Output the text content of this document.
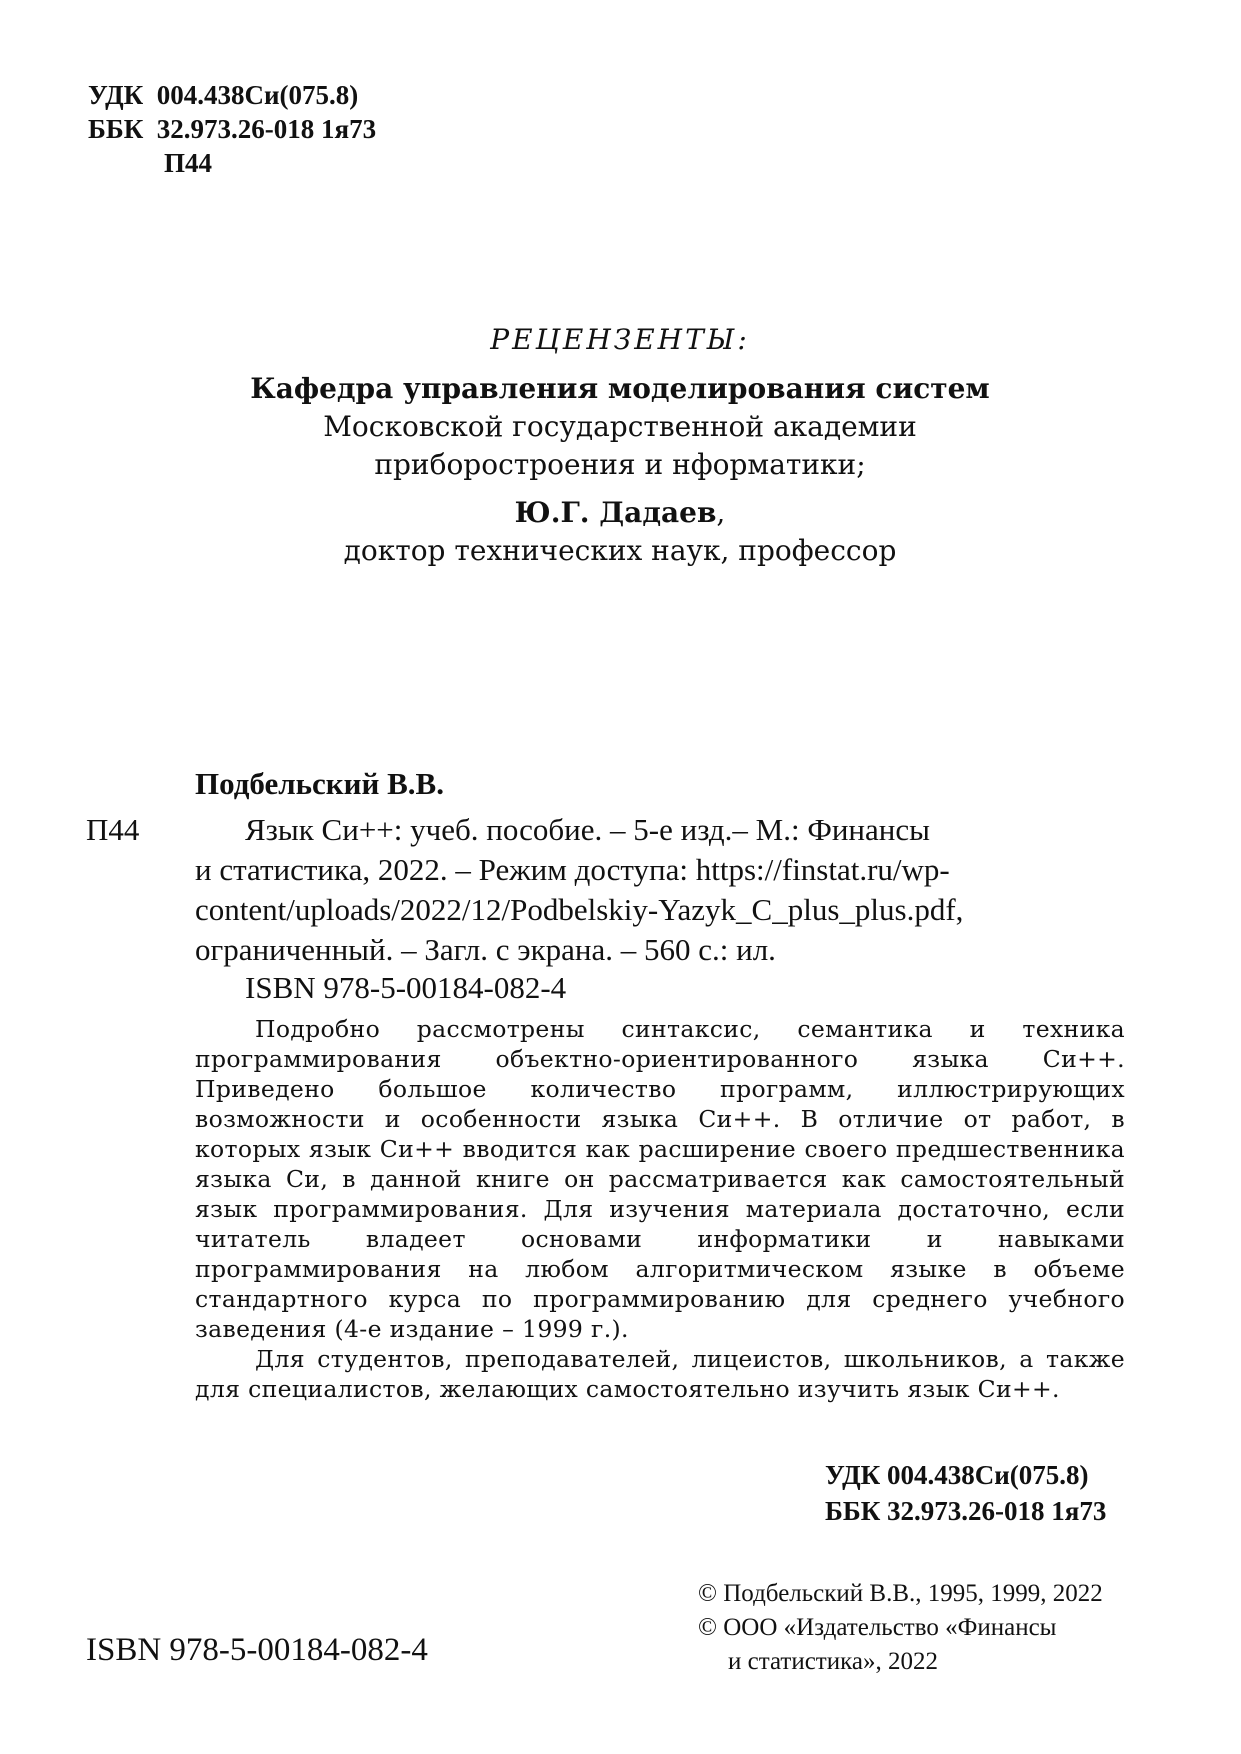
УДК 004.438Си(075.8)
ББК 32.973.26-018 1я73
П44
РЕЦЕНЗЕНТЫ:
Кафедра управления моделирования систем
Московской государственной академии
приборостроения и нформатики;
Ю.Г. Дадаев,
доктор технических наук, профессор
Подбельский В.В.
П44	Язык Си++: учеб. пособие. – 5-е изд.– М.: Финансы
и статистика, 2022. – Режим доступа: https://finstat.ru/wp-
content/uploads/2022/12/Podbelskiy-Yazyk_C_plus_plus.pdf,
ограниченный. – Загл. с экрана. – 560 с.: ил.
ISBN 978-5-00184-082-4

Подробно рассмотрены синтаксис, семантика и техника программирования объектно-ориентированного языка Си++. Приведено большое количество программ, иллюстрирующих возможности и особенности языка Си++. В отличие от работ, в которых язык Си++ вводится как расширение своего предшественника языка Си, в данной книге он рассматривается как самостоятельный язык программирования. Для изучения материала достаточно, если читатель владеет основами информатики и навыками программирования на любом алгоритмическом языке в объеме стандартного курса по программированию для среднего учебного заведения (4-е издание – 1999 г.).

Для студентов, преподавателей, лицеистов, школьников, а также для специалистов, желающих самостоятельно изучить язык Си++.

УДК 004.438Си(075.8)
ББК 32.973.26-018 1я73
© Подбельский В.В., 1995, 1999, 2022
© ООО «Издательство «Финансы
и статистика», 2022
ISBN 978-5-00184-082-4
